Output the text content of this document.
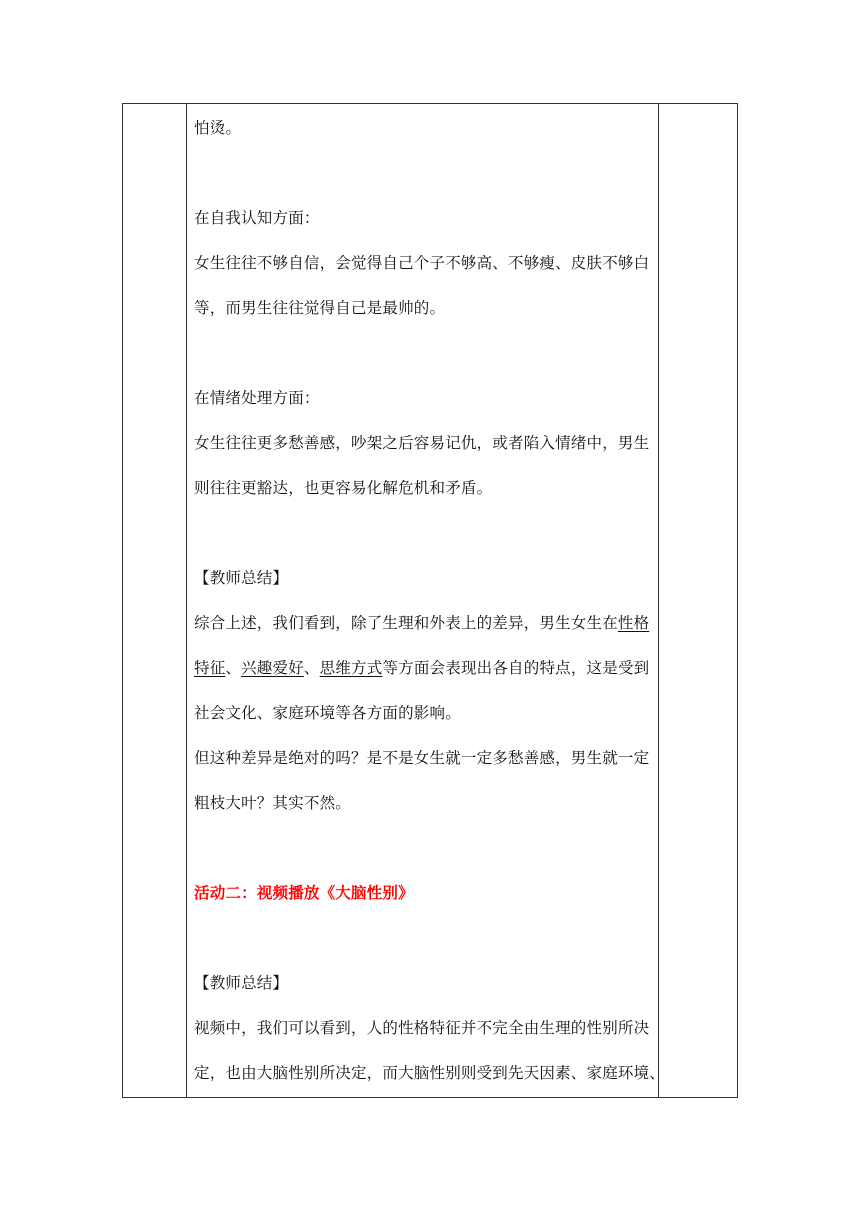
怕烫。
在自我认知方面：
女生往往不够自信，会觉得自己个子不够高、不够瘦、皮肤不够白
等，而男生往往觉得自己是最帅的。
在情绪处理方面：
女生往往更多愁善感，吵架之后容易记仇，或者陷入情绪中，男生
则往往更豁达，也更容易化解危机和矛盾。
【教师总结】
综合上述，我们看到，除了生理和外表上的差异，男生女生在性格
特征、兴趣爱好、思维方式等方面会表现出各自的特点，这是受到
社会文化、家庭环境等各方面的影响。
但这种差异是绝对的吗？是不是女生就一定多愁善感，男生就一定
粗枝大叶？其实不然。
活动二：视频播放《大脑性别》
【教师总结】
视频中，我们可以看到，人的性格特征并不完全由生理的性别所决
定，也由大脑性别所决定，而大脑性别则受到先天因素、家庭环境、
